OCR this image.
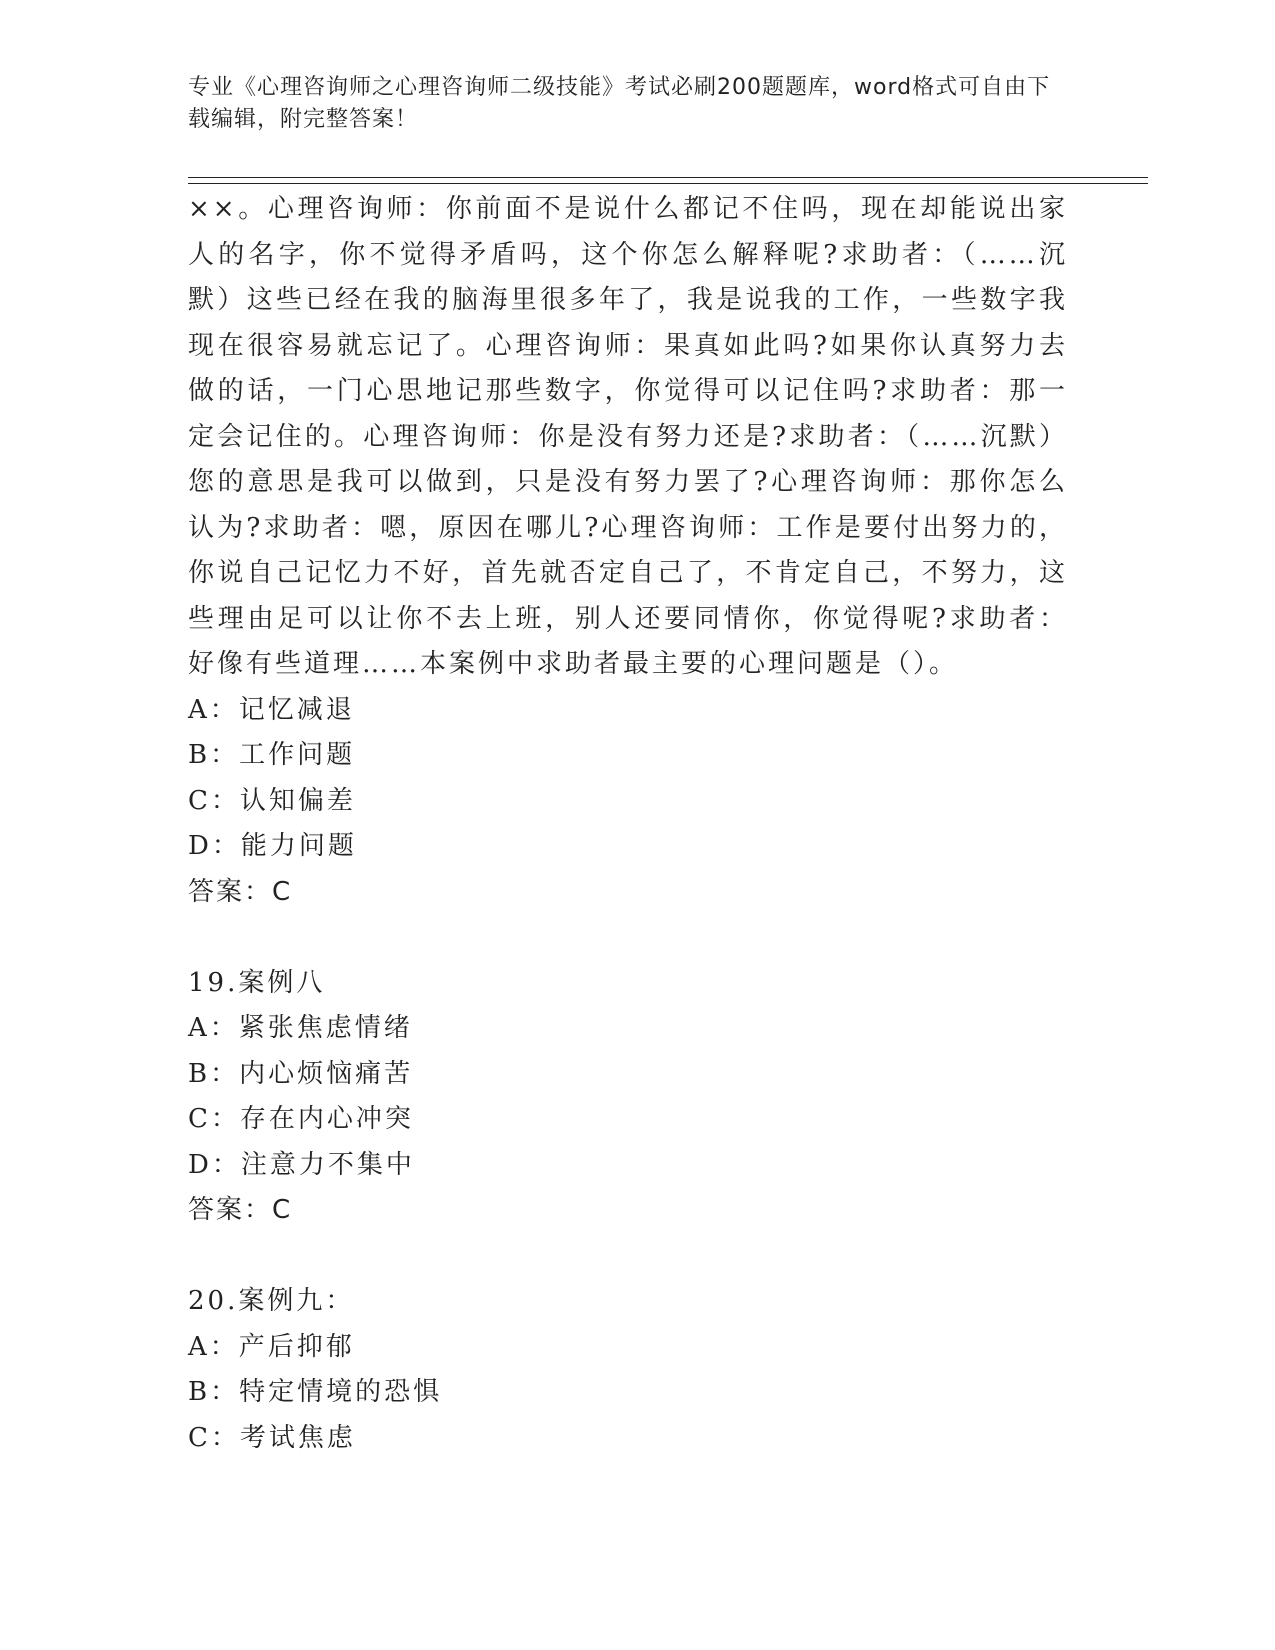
专业《心理咨询师之心理咨询师二级技能》考试必刷200题题库，word格式可自由下载编辑，附完整答案！

××。心理咨询师：你前面不是说什么都记不住吗，现在却能说出家人的名字，你不觉得矛盾吗，这个你怎么解释呢?求助者：（……沉默）这些已经在我的脑海里很多年了，我是说我的工作，一些数字我现在很容易就忘记了。心理咨询师：果真如此吗?如果你认真努力去做的话，一门心思地记那些数字，你觉得可以记住吗?求助者：那一定会记住的。心理咨询师：你是没有努力还是?求助者：（……沉默）您的意思是我可以做到，只是没有努力罢了?心理咨询师：那你怎么认为?求助者：嗯，原因在哪儿?心理咨询师：工作是要付出努力的，你说自己记忆力不好，首先就否定自己了，不肯定自己，不努力，这些理由足可以让你不去上班，别人还要同情你，你觉得呢?求助者：好像有些道理……本案例中求助者最主要的心理问题是（）。

A：记忆减退

B：工作问题

C：认知偏差

D：能力问题

答案：C

19.案例八

A：紧张焦虑情绪

B：内心烦恼痛苦

C：存在内心冲突

D：注意力不集中

答案：C

20.案例九：

A：产后抑郁

B：特定情境的恐惧

C：考试焦虑
